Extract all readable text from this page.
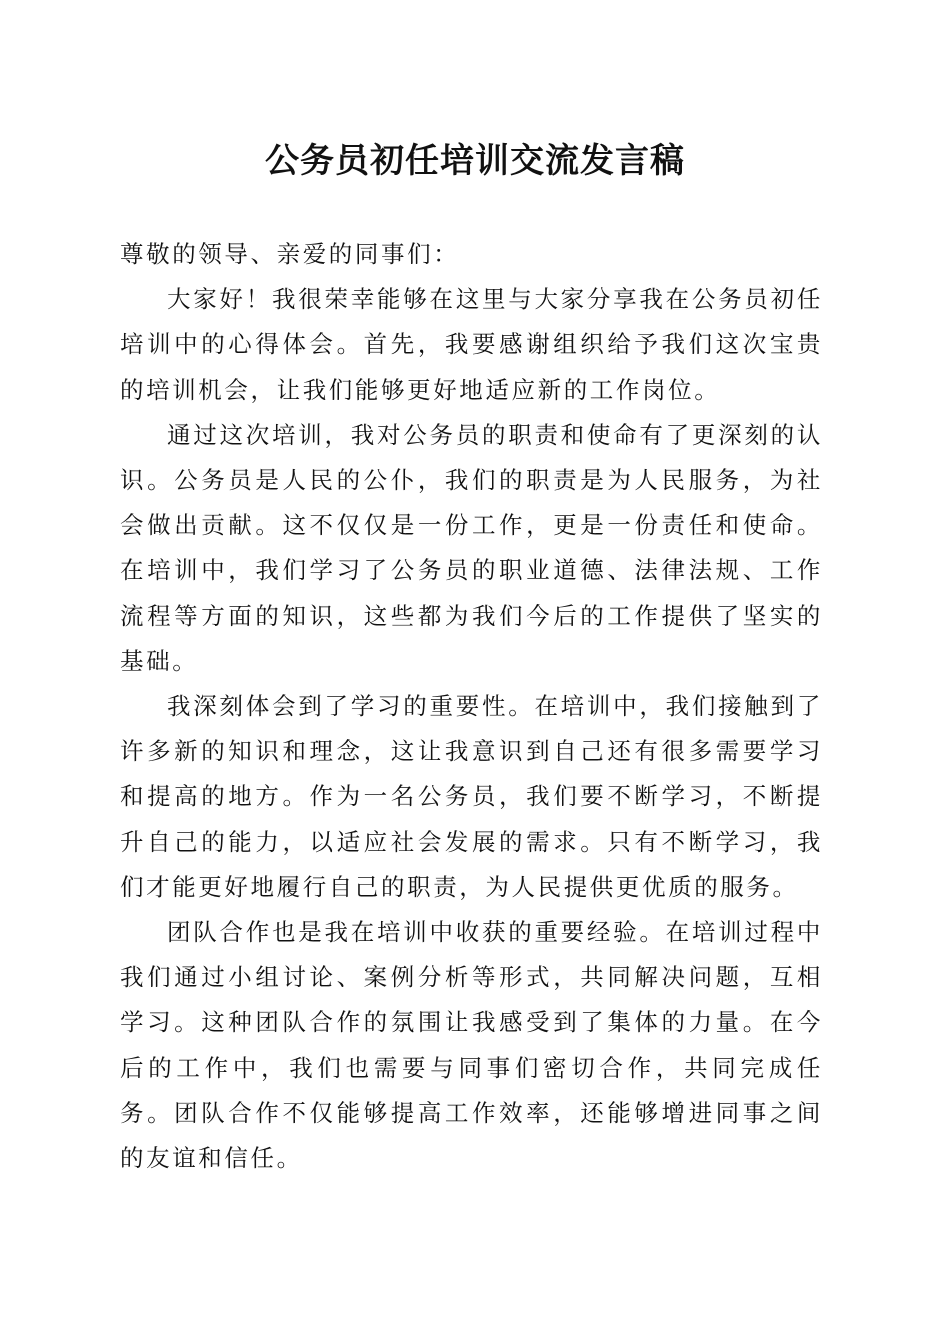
公务员初任培训交流发言稿

尊敬的领导、亲爱的同事们：

大家好！我很荣幸能够在这里与大家分享我在公务员初任培训中的心得体会。首先，我要感谢组织给予我们这次宝贵的培训机会，让我们能够更好地适应新的工作岗位。

通过这次培训，我对公务员的职责和使命有了更深刻的认识。公务员是人民的公仆，我们的职责是为人民服务，为社会做出贡献。这不仅仅是一份工作，更是一份责任和使命。在培训中，我们学习了公务员的职业道德、法律法规、工作流程等方面的知识，这些都为我们今后的工作提供了坚实的基础。

我深刻体会到了学习的重要性。在培训中，我们接触到了许多新的知识和理念，这让我意识到自己还有很多需要学习和提高的地方。作为一名公务员，我们要不断学习，不断提升自己的能力，以适应社会发展的需求。只有不断学习，我们才能更好地履行自己的职责，为人民提供更优质的服务。

团队合作也是我在培训中收获的重要经验。在培训过程中我们通过小组讨论、案例分析等形式，共同解决问题，互相学习。这种团队合作的氛围让我感受到了集体的力量。在今后的工作中，我们也需要与同事们密切合作，共同完成任务。团队合作不仅能够提高工作效率，还能够增进同事之间的友谊和信任。
